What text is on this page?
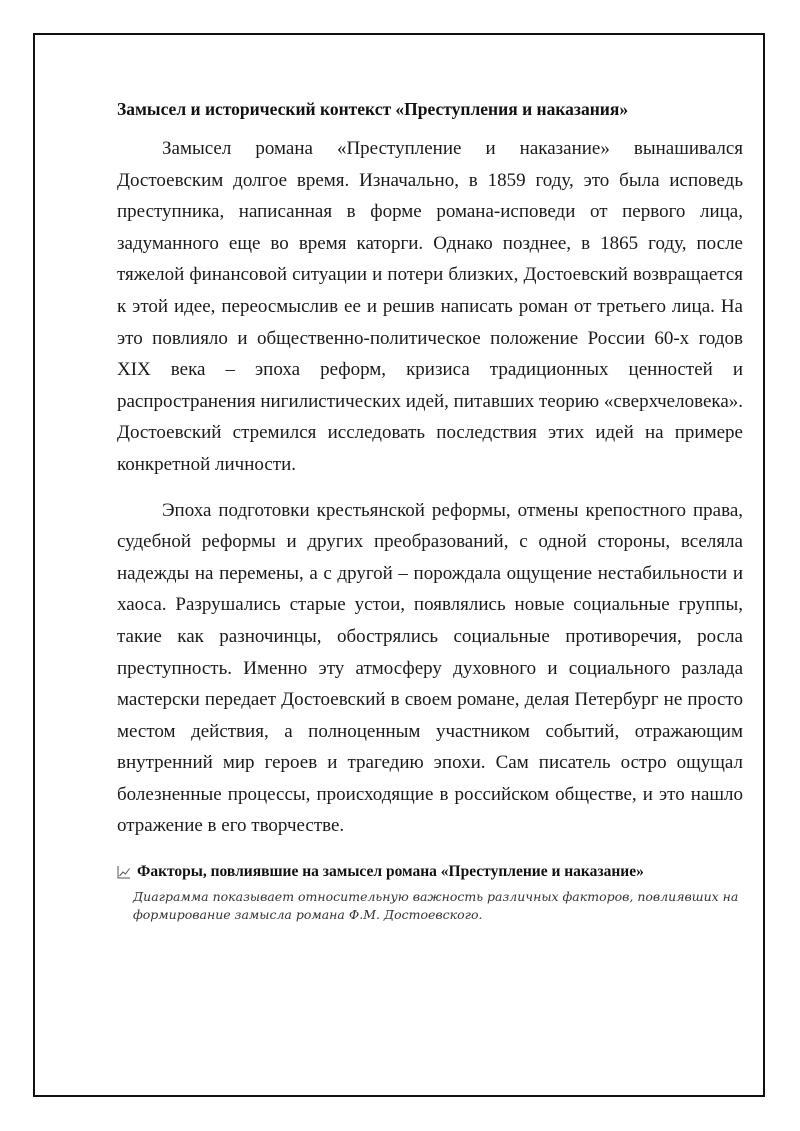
Замысел и исторический контекст «Преступления и наказания»

Замысел романа «Преступление и наказание» вынашивался Достоевским долгое время. Изначально, в 1859 году, это была исповедь преступника, написанная в форме романа-исповеди от первого лица, задуманного еще во время каторги. Однако позднее, в 1865 году, после тяжелой финансовой ситуации и потери близких, Достоевский возвращается к этой идее, переосмыслив ее и решив написать роман от третьего лица. На это повлияло и общественно-политическое положение России 60-х годов XIX века – эпоха реформ, кризиса традиционных ценностей и распространения нигилистических идей, питавших теорию «сверхчеловека». Достоевский стремился исследовать последствия этих идей на примере конкретной личности.

Эпоха подготовки крестьянской реформы, отмены крепостного права, судебной реформы и других преобразований, с одной стороны, вселяла надежды на перемены, а с другой – порождала ощущение нестабильности и хаоса. Разрушались старые устои, появлялись новые социальные группы, такие как разночинцы, обострялись социальные противоречия, росла преступность. Именно эту атмосферу духовного и социального разлада мастерски передает Достоевский в своем романе, делая Петербург не просто местом действия, а полноценным участником событий, отражающим внутренний мир героев и трагедию эпохи. Сам писатель остро ощущал болезненные процессы, происходящие в российском обществе, и это нашло отражение в его творчестве.

Факторы, повлиявшие на замысел романа «Преступление и наказание»
Диаграмма показывает относительную важность различных факторов, повлиявших на формирование замысла романа Ф.М. Достоевского.
